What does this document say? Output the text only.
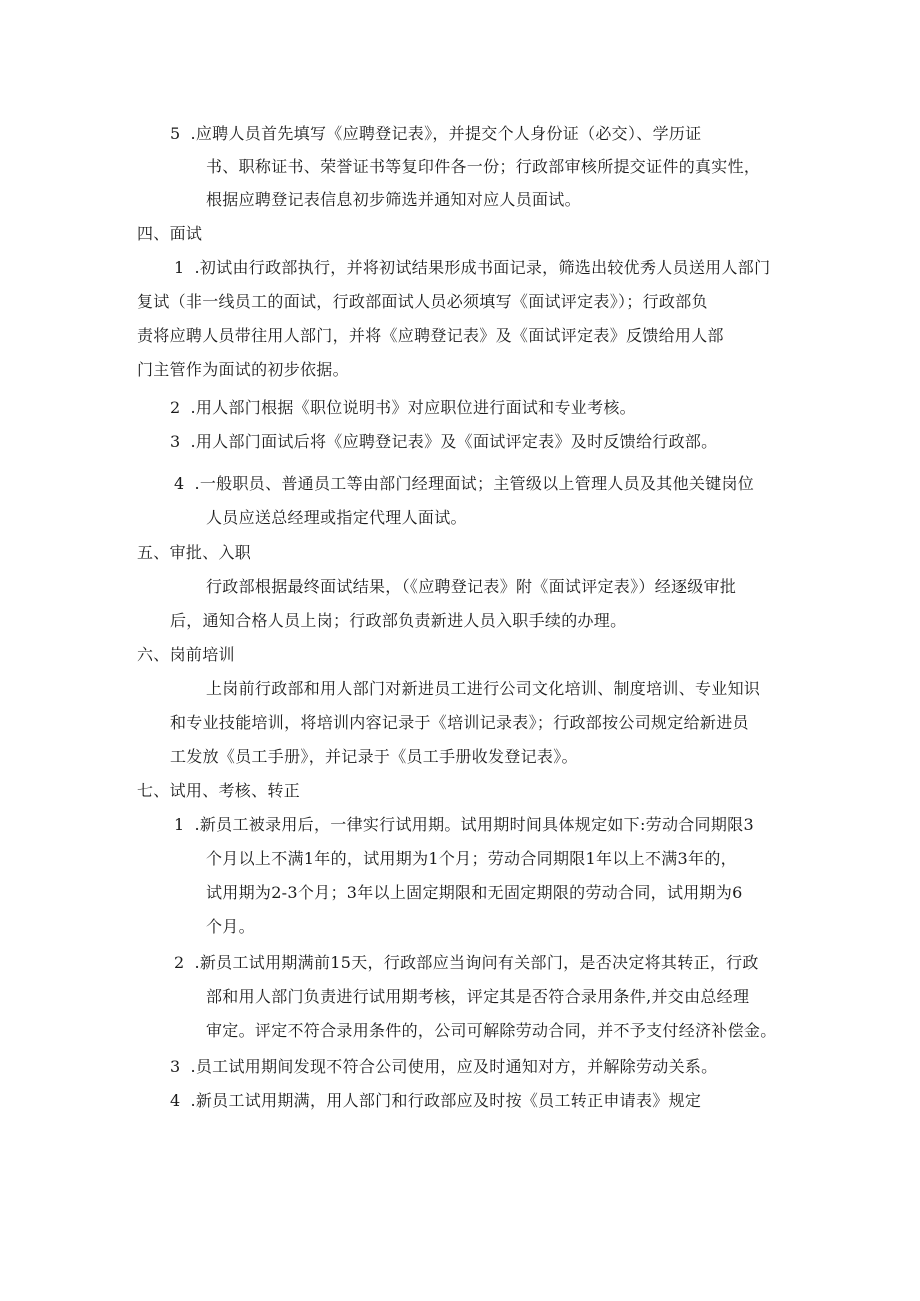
5 .应聘人员首先填写《应聘登记表》，并提交个人身份证（必交）、学历证
书、职称证书、荣誉证书等复印件各一份；行政部审核所提交证件的真实性，
根据应聘登记表信息初步筛选并通知对应人员面试。
四、面试
1 .初试由行政部执行，并将初试结果形成书面记录，筛选出较优秀人员送用人部门
复试（非一线员工的面试，行政部面试人员必须填写《面试评定表》）；行政部负
责将应聘人员带往用人部门，并将《应聘登记表》及《面试评定表》反馈给用人部
门主管作为面试的初步依据。
2 .用人部门根据《职位说明书》对应职位进行面试和专业考核。
3 .用人部门面试后将《应聘登记表》及《面试评定表》及时反馈给行政部。
4 .一般职员、普通员工等由部门经理面试；主管级以上管理人员及其他关键岗位
人员应送总经理或指定代理人面试。
五、审批、入职
行政部根据最终面试结果，（《应聘登记表》附《面试评定表》）经逐级审批
后，通知合格人员上岗；行政部负责新进人员入职手续的办理。
六、岗前培训
上岗前行政部和用人部门对新进员工进行公司文化培训、制度培训、专业知识
和专业技能培训，将培训内容记录于《培训记录表》；行政部按公司规定给新进员
工发放《员工手册》，并记录于《员工手册收发登记表》。
七、试用、考核、转正
1 .新员工被录用后，一律实行试用期。试用期时间具体规定如下:劳动合同期限3
个月以上不满1年的，试用期为1个月；劳动合同期限1年以上不满3年的，
试用期为2-3个月；3年以上固定期限和无固定期限的劳动合同，试用期为6
个月。
2 .新员工试用期满前15天，行政部应当询问有关部门，是否决定将其转正，行政
部和用人部门负责进行试用期考核，评定其是否符合录用条件,并交由总经理
审定。评定不符合录用条件的，公司可解除劳动合同，并不予支付经济补偿金。
3 .员工试用期间发现不符合公司使用，应及时通知对方，并解除劳动关系。
4 .新员工试用期满，用人部门和行政部应及时按《员工转正申请表》规定
